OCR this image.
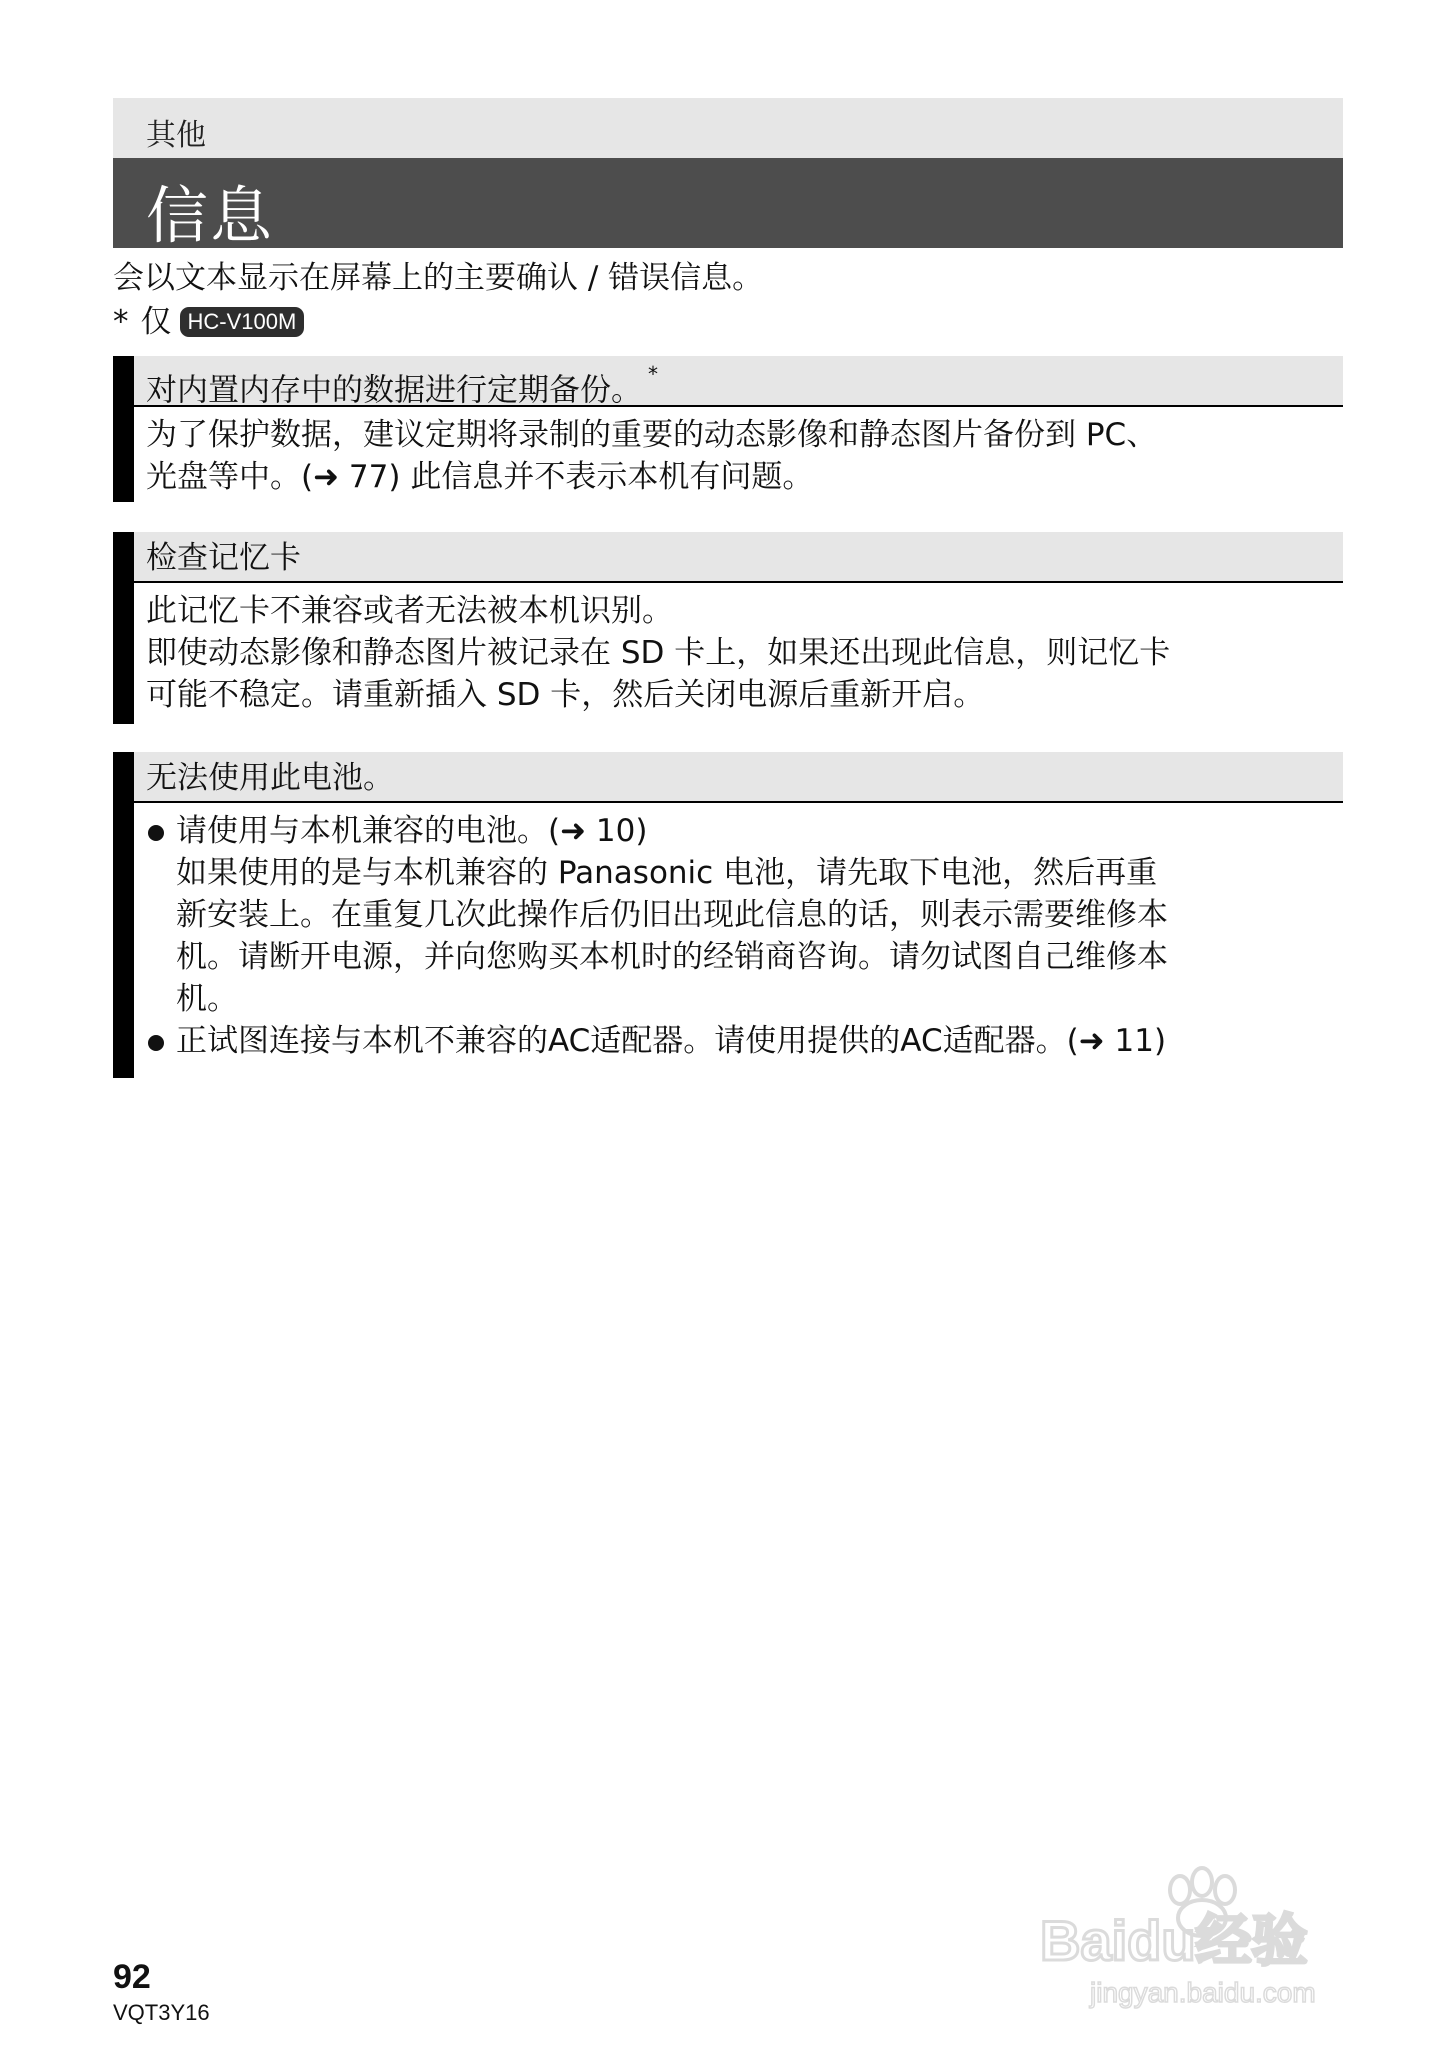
其他
信息
会以文本显示在屏幕上的主要确认 / 错误信息。
* 仅 HC-V100M
对内置内存中的数据进行定期备份。 *

为了保护数据，建议定期将录制的重要的动态影像和静态图片备份到 PC、

光盘等中。(➜ 77) 此信息并不表示本机有问题。

检查记忆卡

此记忆卡不兼容或者无法被本机识别。

即使动态影像和静态图片被记录在 SD 卡上，如果还出现此信息，则记忆卡

可能不稳定。请重新插入 SD 卡，然后关闭电源后重新开启。

无法使用此电池。

请使用与本机兼容的电池。(➜ 10)

如果使用的是与本机兼容的 Panasonic 电池，请先取下电池，然后再重

新安装上。在重复几次此操作后仍旧出现此信息的话，则表示需要维修本

机。请断开电源，并向您购买本机时的经销商咨询。请勿试图自己维修本

机。

正试图连接与本机不兼容的AC适配器。请使用提供的AC适配器。(➜ 11)

92
VQT3Y16
Baidu经验
jingyan.baidu.com
